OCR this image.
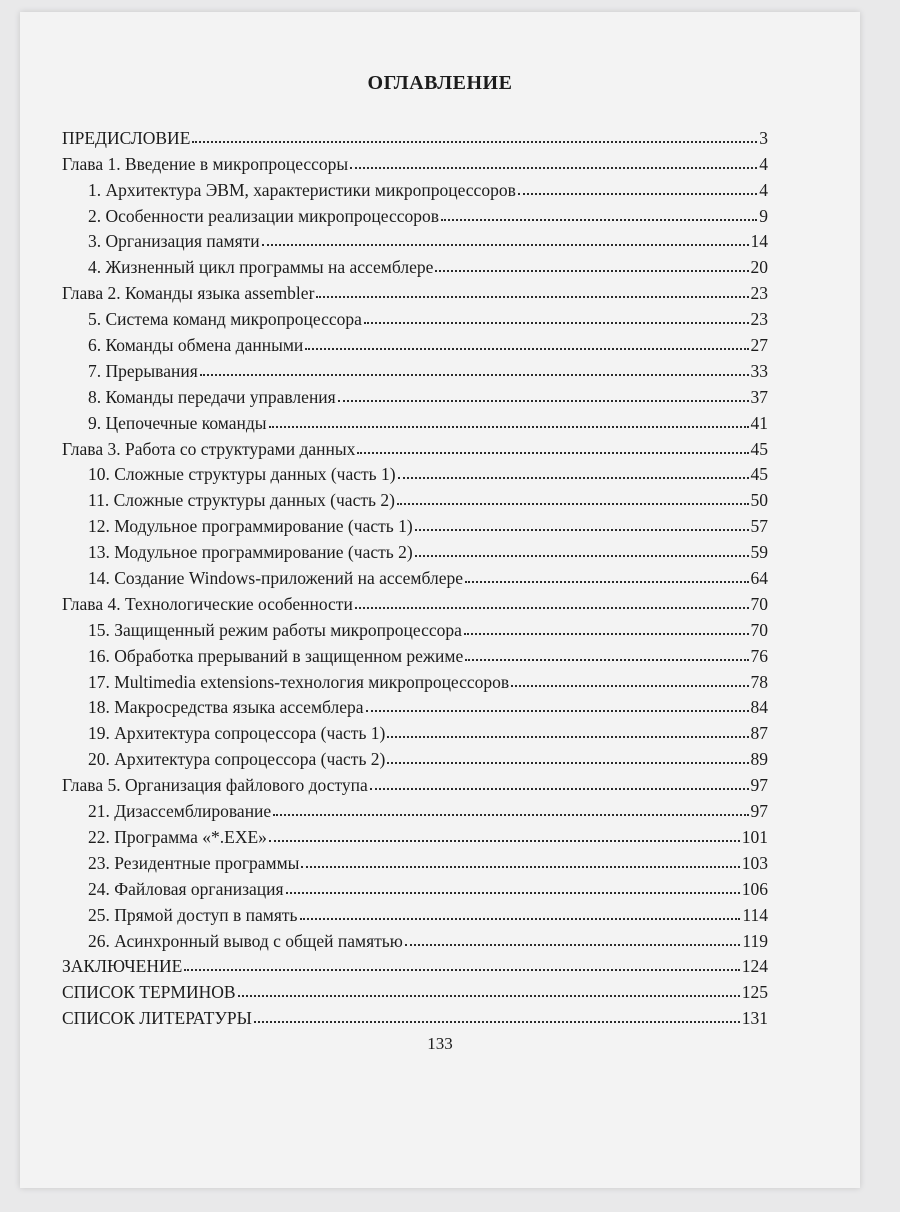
ОГЛАВЛЕНИЕ
ПРЕДИСЛОВИЕ	3
Глава 1. Введение в микропроцессоры	4
1. Архитектура ЭВМ, характеристики микропроцессоров	4
2. Особенности реализации микропроцессоров	9
3. Организация памяти	14
4. Жизненный цикл программы на ассемблере	20
Глава 2. Команды языка assembler	23
5. Система команд микропроцессора	23
6. Команды обмена данными	27
7. Прерывания	33
8. Команды передачи управления	37
9. Цепочечные команды	41
Глава 3. Работа со структурами данных	45
10. Сложные структуры данных (часть 1)	45
11. Сложные структуры данных (часть 2)	50
12. Модульное программирование (часть 1)	57
13. Модульное программирование (часть 2)	59
14. Создание Windows-приложений на ассемблере	64
Глава 4. Технологические особенности	70
15. Защищенный режим работы микропроцессора	70
16. Обработка прерываний в защищенном режиме	76
17. Multimedia extensions-технология микропроцессоров	78
18. Макросредства языка ассемблера	84
19. Архитектура сопроцессора (часть 1)	87
20. Архитектура сопроцессора (часть 2)	89
Глава 5. Организация файлового доступа	97
21. Дизассемблирование	97
22. Программа «*.EXE»	101
23. Резидентные программы	103
24. Файловая организация	106
25. Прямой доступ в память	114
26. Асинхронный вывод с общей памятью	119
ЗАКЛЮЧЕНИЕ	124
СПИСОК ТЕРМИНОВ	125
СПИСОК ЛИТЕРАТУРЫ	131
133
